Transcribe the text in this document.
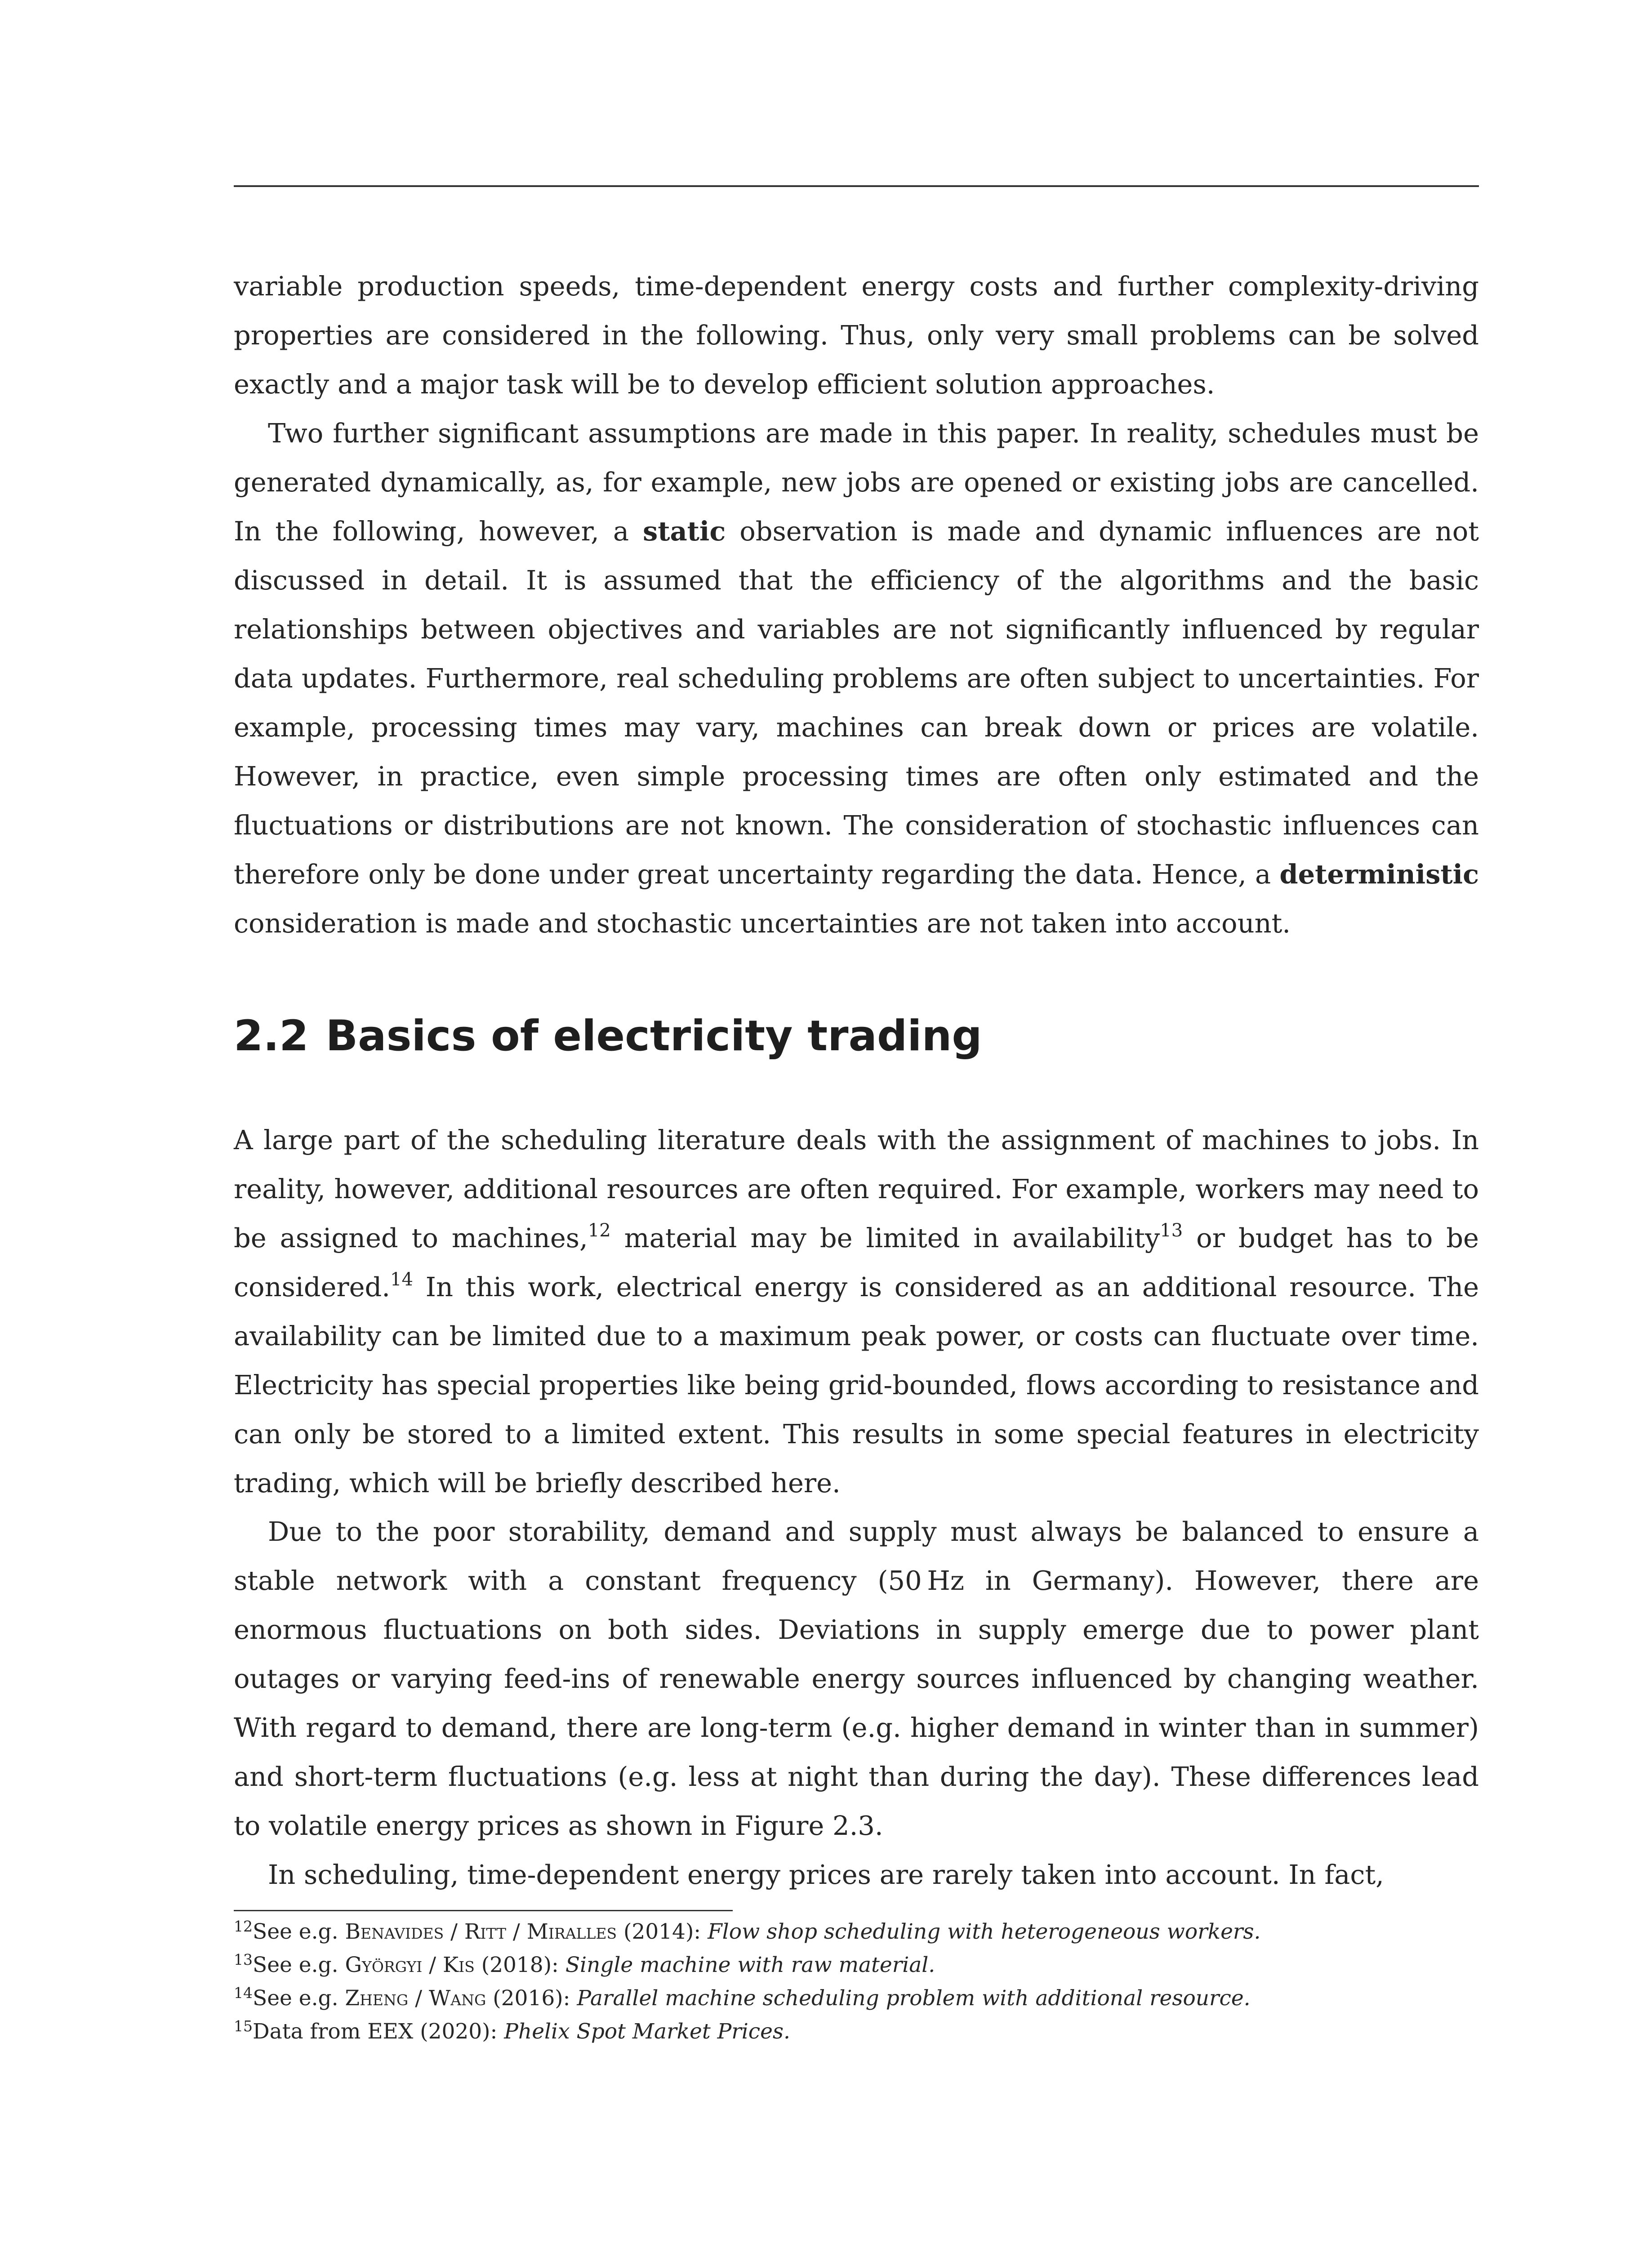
variable production speeds, time-dependent energy costs and further complexity-driving properties are considered in the following. Thus, only very small problems can be solved exactly and a major task will be to develop efficient solution approaches.

Two further significant assumptions are made in this paper. In reality, schedules must be generated dynamically, as, for example, new jobs are opened or existing jobs are cancelled. In the following, however, a static observation is made and dynamic influences are not discussed in detail. It is assumed that the efficiency of the algorithms and the basic relationships between objectives and variables are not significantly influenced by regular data updates. Furthermore, real scheduling problems are often subject to uncertainties. For example, processing times may vary, machines can break down or prices are volatile. However, in practice, even simple processing times are often only estimated and the fluctuations or distributions are not known. The consideration of stochastic influences can therefore only be done under great uncertainty regarding the data. Hence, a deterministic consideration is made and stochastic uncertainties are not taken into account.

2.2 Basics of electricity trading

A large part of the scheduling literature deals with the assignment of machines to jobs. In reality, however, additional resources are often required. For example, workers may need to be assigned to machines,$^{12}$ material may be limited in availability$^{13}$ or budget has to be considered.$^{14}$ In this work, electrical energy is considered as an additional resource. The availability can be limited due to a maximum peak power, or costs can fluctuate over time. Electricity has special properties like being grid-bounded, flows according to resistance and can only be stored to a limited extent. This results in some special features in electricity trading, which will be briefly described here.

Due to the poor storability, demand and supply must always be balanced to ensure a stable network with a constant frequency (50 Hz in Germany). However, there are enormous fluctuations on both sides. Deviations in supply emerge due to power plant outages or varying feed-ins of renewable energy sources influenced by changing weather. With regard to demand, there are long-term (e.g. higher demand in winter than in summer) and short-term fluctuations (e.g. less at night than during the day). These differences lead to volatile energy prices as shown in Figure 2.3.

In scheduling, time-dependent energy prices are rarely taken into account. In fact,

$^{12}$See e.g. Benavides / Ritt / Miralles (2014): Flow shop scheduling with heterogeneous workers.
$^{13}$See e.g. Györgyi / Kis (2018): Single machine with raw material.
$^{14}$See e.g. Zheng / Wang (2016): Parallel machine scheduling problem with additional resource.
$^{15}$Data from EEX (2020): Phelix Spot Market Prices.
